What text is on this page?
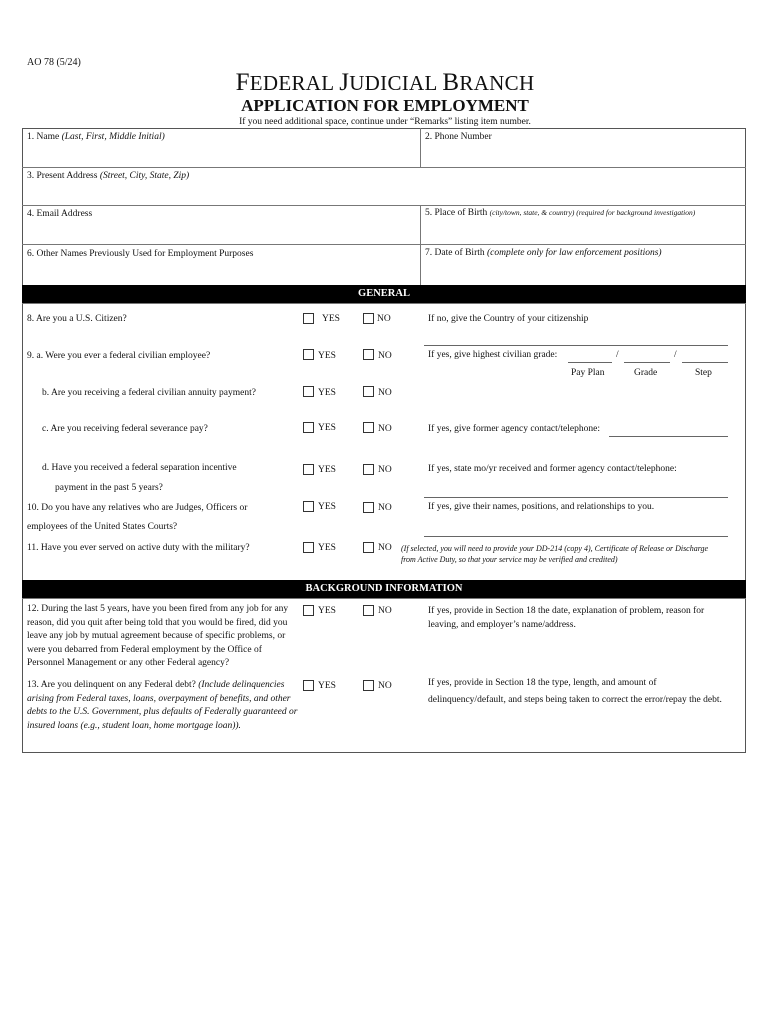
AO 78 (5/24)
FEDERAL JUDICIAL BRANCH
APPLICATION FOR EMPLOYMENT
If you need additional space, continue under “Remarks” listing item number.
1. Name (Last, First, Middle Initial)	2. Phone Number
3. Present Address (Street, City, State, Zip)
4. Email Address	5. Place of Birth (city/town, state, & country) (required for background investigation)
6. Other Names Previously Used for Employment Purposes	7. Date of Birth (complete only for law enforcement positions)
GENERAL
8. Are you a U.S. Citizen?	YES	NO	If no, give the Country of your citizenship
9. a. Were you ever a federal civilian employee?	YES	NO	If yes, give highest civilian grade:	/	/
Pay Plan	Grade	Step
b. Are you receiving a federal civilian annuity payment?	YES	NO
c. Are you receiving federal severance pay?	YES	NO	If yes, give former agency contact/telephone:
d. Have you received a federal separation incentive
payment in the past 5 years?
YES	NO	If yes, state mo/yr received and former agency contact/telephone:
10. Do you have any relatives who are Judges, Officers or
employees of the United States Courts?
YES	NO	If yes, give their names, positions, and relationships to you.
11. Have you ever served on active duty with the military?	YES	NO (If selected, you will need to provide your DD-214 (copy 4), Certificate of Release or Discharge
from Active Duty, so that your service may be verified and credited)
BACKGROUND INFORMATION
12. During the last 5 years, have you been fired from any job for any reason, did you quit after being told that you would be fired, did you leave any job by mutual agreement because of specific problems, or were you debarred from Federal employment by the Office of Personnel Management or any other Federal agency?
YES	NO	If yes, provide in Section 18 the date, explanation of problem, reason for leaving, and employer’s name/address.
13. Are you delinquent on any Federal debt? (Include delinquencies arising from Federal taxes, loans, overpayment of benefits, and other debts to the U.S. Government, plus defaults of Federally guaranteed or insured loans (e.g., student loan, home mortgage loan)).
YES	NO	If yes, provide in Section 18 the type, length, and amount of
delinquency/default, and steps being taken to correct the error/repay the debt.
